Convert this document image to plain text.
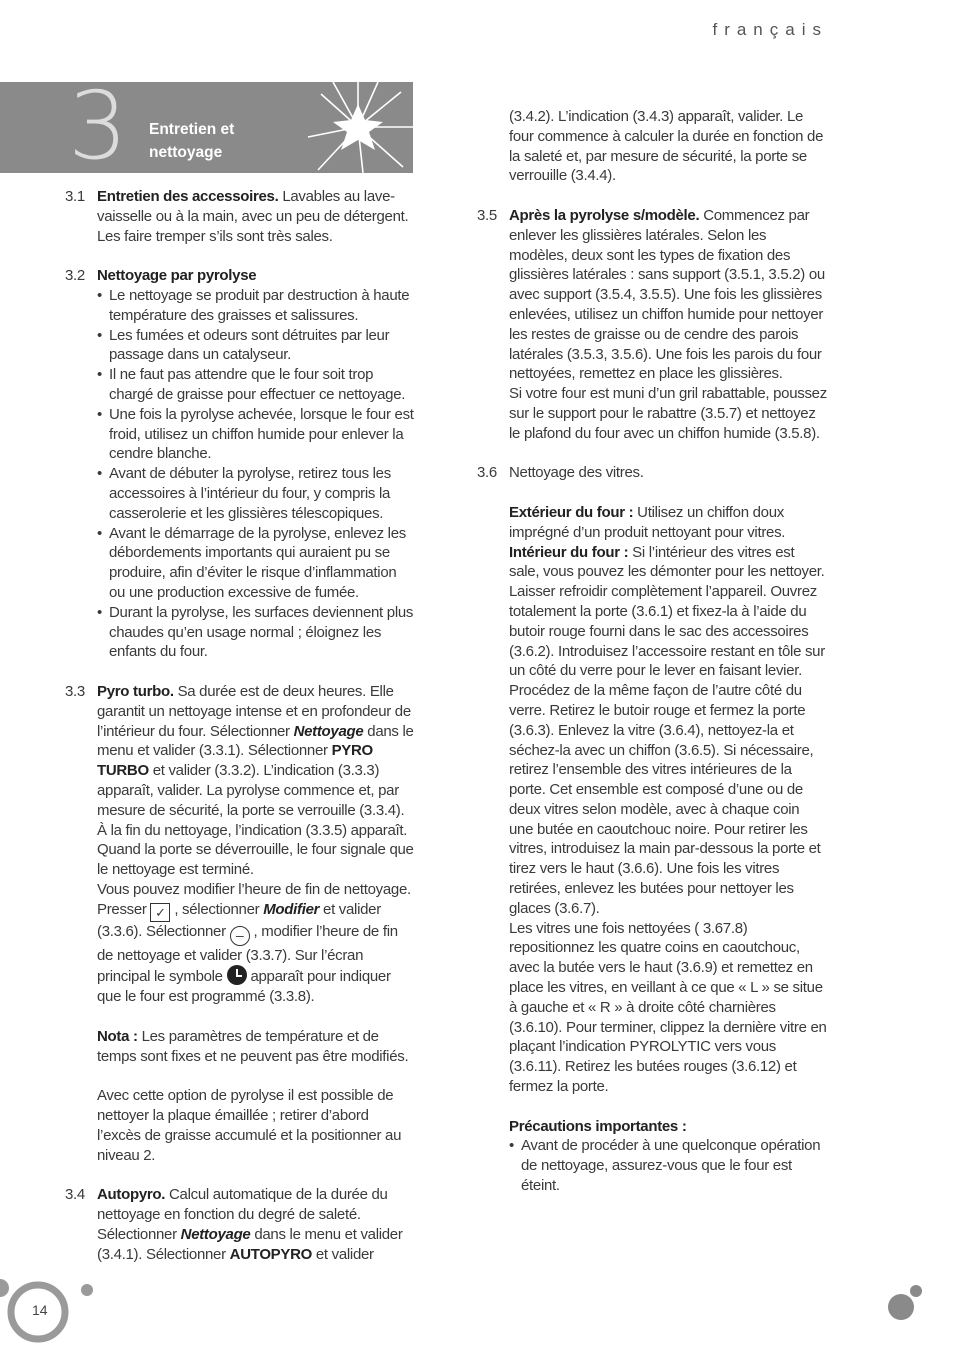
français
3 Entretien et nettoyage
3.1 Entretien des accessoires. Lavables au lave-vaisselle ou à la main, avec un peu de détergent. Les faire tremper s’ils sont très sales.
3.2 Nettoyage par pyrolyse
• Le nettoyage se produit par destruction à haute température des graisses et salissures.
• Les fumées et odeurs sont détruites par leur passage dans un catalyseur.
• Il ne faut pas attendre que le four soit trop chargé de graisse pour effectuer ce nettoyage.
• Une fois la pyrolyse achevée, lorsque le four est froid, utilisez un chiffon humide pour enlever la cendre blanche.
• Avant de débuter la pyrolyse, retirez tous les accessoires à l’intérieur du four, y compris la casserolerie et les glissières télescopiques.
• Avant le démarrage de la pyrolyse, enlevez les débordements importants qui auraient pu se produire, afin d’éviter le risque d’inflammation ou une production excessive de fumée.
• Durant la pyrolyse, les surfaces deviennent plus chaudes qu’en usage normal ; éloignez les enfants du four.
3.3 Pyro turbo. Sa durée est de deux heures. Elle garantit un nettoyage intense et en profondeur de l’intérieur du four. Sélectionner Nettoyage dans le menu et valider (3.3.1). Sélectionner PYRO TURBO et valider (3.3.2). L’indication (3.3.3) apparaît, valider. La pyrolyse commence et, par mesure de sécurité, la porte se verrouille (3.3.4). À la fin du nettoyage, l’indication (3.3.5) apparaît. Quand la porte se déverrouille, le four signale que le nettoyage est terminé.

Vous pouvez modifier l’heure de fin de nettoyage. Presser ✓ , sélectionner Modifier et valider (3.3.6). Sélectionner – , modifier l’heure de fin de nettoyage et valider (3.3.7). Sur l’écran principal le symbole  apparaît pour indiquer que le four est programmé (3.3.8).

Nota : Les paramètres de température et de temps sont fixes et ne peuvent pas être modifiés.

Avec cette option de pyrolyse il est possible de nettoyer la plaque émaillée ; retirer d’abord l’excès de graisse accumulé et la positionner au niveau 2.

3.4 Autopyro. Calcul automatique de la durée du nettoyage en fonction du degré de saleté. Sélectionner Nettoyage dans le menu et valider (3.4.1). Sélectionner AUTOPYRO et valider

(3.4.2). L’indication (3.4.3) apparaît, valider. Le four commence à calculer la durée en fonction de la saleté et, par mesure de sécurité, la porte se verrouille (3.4.4).

3.5 Après la pyrolyse s/modèle. Commencez par enlever les glissières latérales. Selon les modèles, deux sont les types de fixation des glissières latérales : sans support (3.5.1, 3.5.2) ou avec support (3.5.4, 3.5.5). Une fois les glissières enlevées, utilisez un chiffon humide pour nettoyer les restes de graisse ou de cendre des parois latérales (3.5.3, 3.5.6). Une fois les parois du four nettoyées, remettez en place les glissières.

Si votre four est muni d’un gril rabattable, poussez sur le support pour le rabattre (3.5.7) et nettoyez le plafond du four avec un chiffon humide (3.5.8).

3.6 Nettoyage des vitres.

Extérieur du four : Utilisez un chiffon doux imprégné d’un produit nettoyant pour vitres.

Intérieur du four : Si l’intérieur des vitres est sale, vous pouvez les démonter pour les nettoyer.

Laisser refroidir complètement l’appareil. Ouvrez totalement la porte (3.6.1) et fixez-la à l’aide du butoir rouge fourni dans le sac des accessoires (3.6.2). Introduisez l’accessoire restant en tôle sur un côté du verre pour le lever en faisant levier. Procédez de la même façon de l’autre côté du verre. Retirez le butoir rouge et fermez la porte (3.6.3). Enlevez la vitre (3.6.4), nettoyez-la et séchez-la avec un chiffon (3.6.5). Si nécessaire, retirez l’ensemble des vitres intérieures de la porte. Cet ensemble est composé d’une ou de deux vitres selon modèle, avec à chaque coin une butée en caoutchouc noire. Pour retirer les vitres, introduisez la main par-dessous la porte et tirez vers le haut (3.6.6). Une fois les vitres retirées, enlevez les butées pour nettoyer les glaces (3.6.7).

Les vitres une fois nettoyées ( 3.67.8) repositionnez les quatre coins en caoutchouc, avec la butée vers le haut (3.6.9) et remettez en place les vitres, en veillant à ce que « L » se situe à gauche et « R » à droite côté charnières (3.6.10). Pour terminer, clippez la dernière vitre en plaçant l’indication PYROLYTIC vers vous (3.6.11). Retirez les butées rouges (3.6.12) et fermez la porte.

Précautions importantes :

• Avant de procéder à une quelconque opération de nettoyage, assurez-vous que le four est éteint.
14
